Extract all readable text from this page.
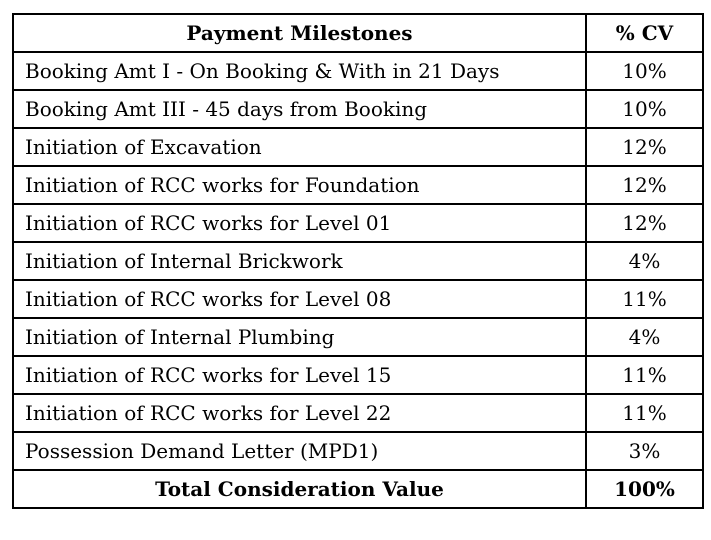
Payment Milestones	% CV
Booking Amt I - On Booking & With in 21 Days	10%
Booking Amt III - 45 days from Booking	10%
Initiation of Excavation	12%
Initiation of RCC works for Foundation	12%
Initiation of RCC works for Level 01	12%
Initiation of Internal Brickwork	4%
Initiation of RCC works for Level 08	11%
Initiation of Internal Plumbing	4%
Initiation of RCC works for Level 15	11%
Initiation of RCC works for Level 22	11%
Possession Demand Letter (MPD1)	3%
Total Consideration Value	100%
